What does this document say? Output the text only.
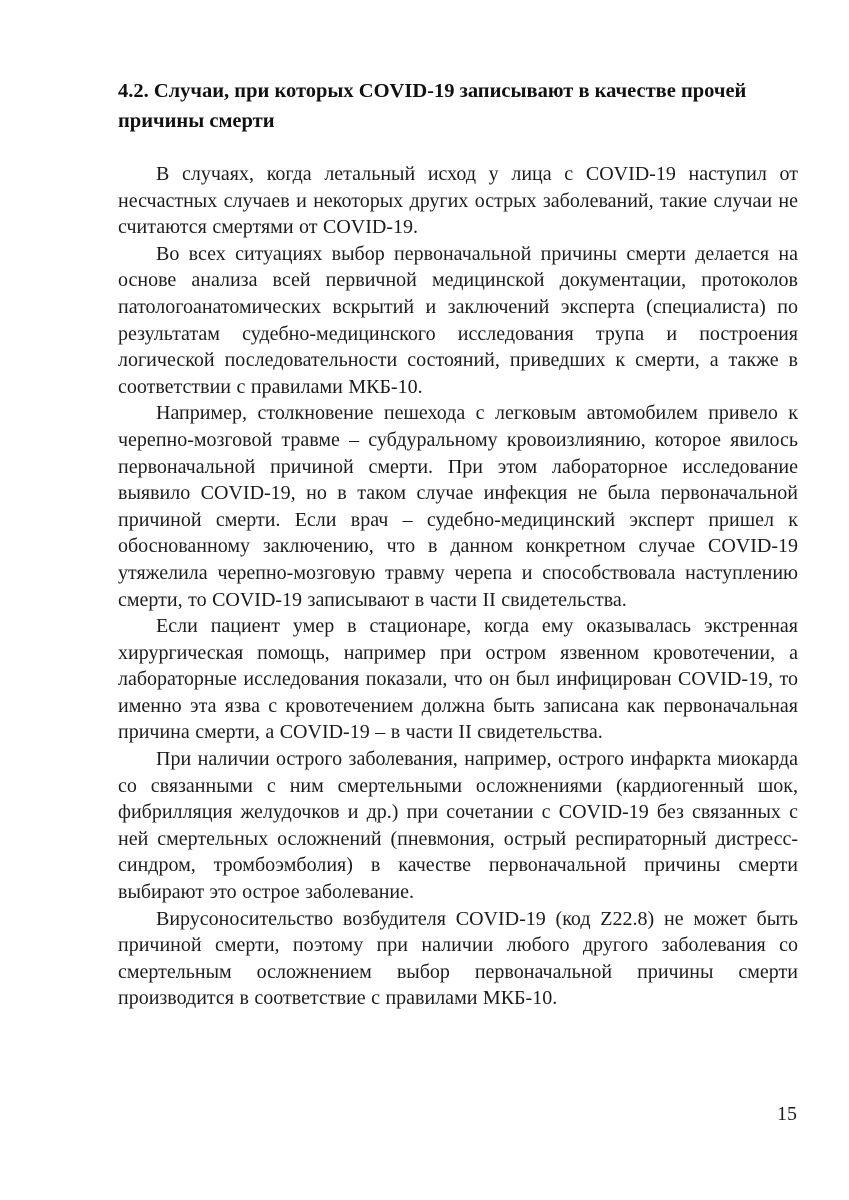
4.2. Случаи, при которых COVID-19 записывают в качестве прочей причины смерти

В случаях, когда летальный исход у лица с COVID-19 наступил от несчастных случаев и некоторых других острых заболеваний, такие случаи не считаются смертями от COVID-19.

Во всех ситуациях выбор первоначальной причины смерти делается на основе анализа всей первичной медицинской документации, протоколов патологоанатомических вскрытий и заключений эксперта (специалиста) по результатам судебно-медицинского исследования трупа и построения логической последовательности состояний, приведших к смерти, а также в соответствии с правилами МКБ-10.

Например, столкновение пешехода с легковым автомобилем привело к черепно-мозговой травме – субдуральному кровоизлиянию, которое явилось первоначальной причиной смерти. При этом лабораторное исследование выявило COVID-19, но в таком случае инфекция не была первоначальной причиной смерти. Если врач – судебно-медицинский эксперт пришел к обоснованному заключению, что в данном конкретном случае COVID-19 утяжелила черепно-мозговую травму черепа и способствовала наступлению смерти, то COVID-19 записывают в части II свидетельства.

Если пациент умер в стационаре, когда ему оказывалась экстренная хирургическая помощь, например при остром язвенном кровотечении, а лабораторные исследования показали, что он был инфицирован COVID-19, то именно эта язва с кровотечением должна быть записана как первоначальная причина смерти, а COVID-19 – в части II свидетельства.

При наличии острого заболевания, например, острого инфаркта миокарда со связанными с ним смертельными осложнениями (кардиогенный шок, фибрилляция желудочков и др.) при сочетании с COVID-19 без связанных с ней смертельных осложнений (пневмония, острый респираторный дистресс-синдром, тромбоэмболия) в качестве первоначальной причины смерти выбирают это острое заболевание.

Вирусоносительство возбудителя COVID-19 (код Z22.8) не может быть причиной смерти, поэтому при наличии любого другого заболевания со смертельным осложнением выбор первоначальной причины смерти производится в соответствие с правилами МКБ-10.

15
